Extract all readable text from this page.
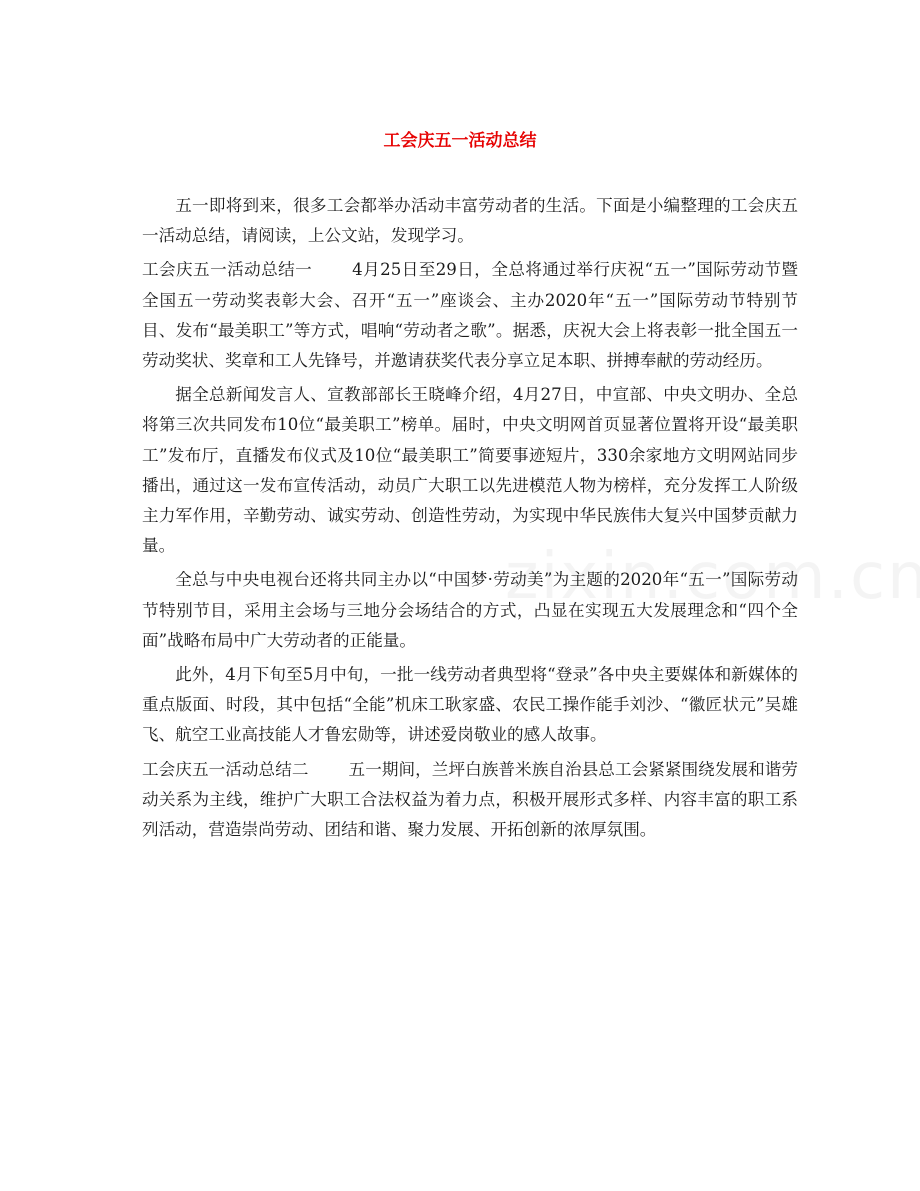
工会庆五一活动总结

五一即将到来，很多工会都举办活动丰富劳动者的生活。下面是小编整理的工会庆五一活动总结，请阅读，上公文站，发现学习。

工会庆五一活动总结一 4月25日至29日，全总将通过举行庆祝“五一”国际劳动节暨全国五一劳动奖表彰大会、召开“五一”座谈会、主办2020年“五一”国际劳动节特别节目、发布“最美职工”等方式，唱响“劳动者之歌”。据悉，庆祝大会上将表彰一批全国五一劳动奖状、奖章和工人先锋号，并邀请获奖代表分享立足本职、拼搏奉献的劳动经历。

据全总新闻发言人、宣教部部长王晓峰介绍，4月27日，中宣部、中央文明办、全总将第三次共同发布10位“最美职工”榜单。届时，中央文明网首页显著位置将开设“最美职工”发布厅，直播发布仪式及10位“最美职工”简要事迹短片，330余家地方文明网站同步播出，通过这一发布宣传活动，动员广大职工以先进模范人物为榜样，充分发挥工人阶级主力军作用，辛勤劳动、诚实劳动、创造性劳动，为实现中华民族伟大复兴中国梦贡献力量。

全总与中央电视台还将共同主办以“中国梦·劳动美”为主题的2020年“五一”国际劳动节特别节目，采用主会场与三地分会场结合的方式，凸显在实现五大发展理念和“四个全面”战略布局中广大劳动者的正能量。

此外，4月下旬至5月中旬，一批一线劳动者典型将“登录”各中央主要媒体和新媒体的重点版面、时段，其中包括“全能”机床工耿家盛、农民工操作能手刘沙、“徽匠状元”吴雄飞、航空工业高技能人才鲁宏勋等，讲述爱岗敬业的感人故事。

工会庆五一活动总结二 五一期间，兰坪白族普米族自治县总工会紧紧围绕发展和谐劳动关系为主线，维护广大职工合法权益为着力点，积极开展形式多样、内容丰富的职工系列活动，营造崇尚劳动、团结和谐、聚力发展、开拓创新的浓厚氛围。
